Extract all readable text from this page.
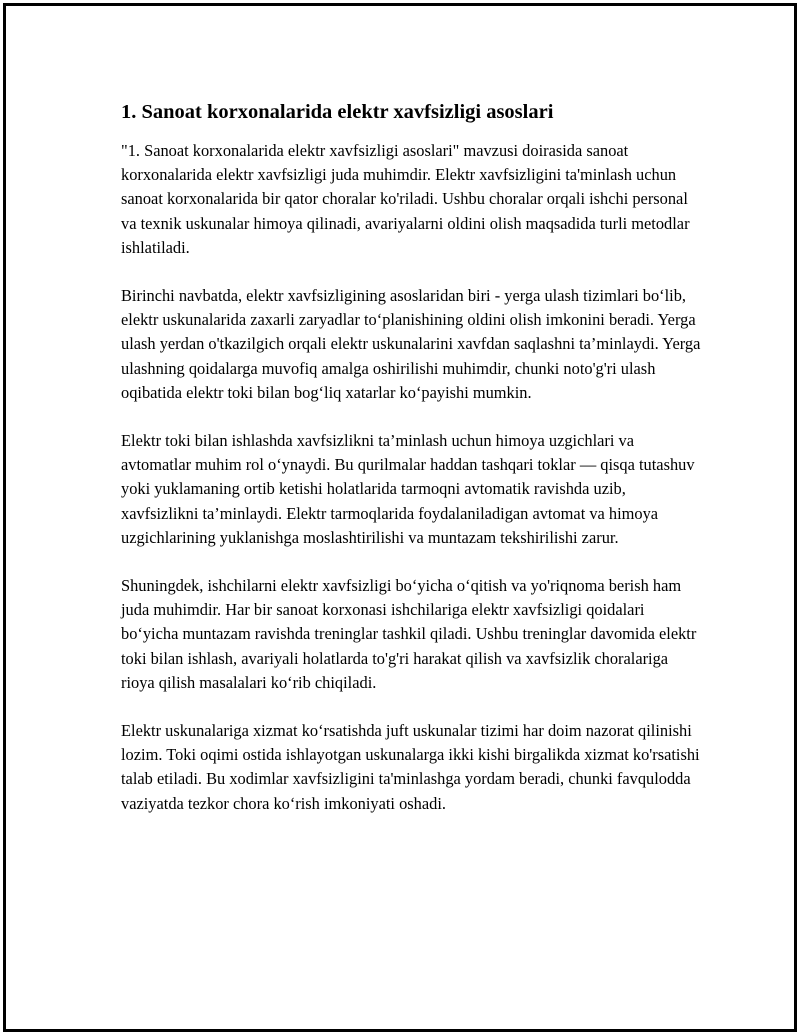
1. Sanoat korxonalarida elektr xavfsizligi asoslari

"1. Sanoat korxonalarida elektr xavfsizligi asoslari" mavzusi doirasida sanoat korxonalarida elektr xavfsizligi juda muhimdir. Elektr xavfsizligini ta'minlash uchun sanoat korxonalarida bir qator choralar ko'riladi. Ushbu choralar orqali ishchi personal va texnik uskunalar himoya qilinadi, avariyalarni oldini olish maqsadida turli metodlar ishlatiladi.

Birinchi navbatda, elektr xavfsizligining asoslaridan biri - yerga ulash tizimlari bo‘lib, elektr uskunalarida zaxarli zaryadlar to‘planishining oldini olish imkonini beradi. Yerga ulash yerdan o'tkazilgich orqali elektr uskunalarini xavfdan saqlashni ta’minlaydi. Yerga ulashning qoidalarga muvofiq amalga oshirilishi muhimdir, chunki noto'g'ri ulash oqibatida elektr toki bilan bog‘liq xatarlar ko‘payishi mumkin.

Elektr toki bilan ishlashda xavfsizlikni ta’minlash uchun himoya uzgichlari va avtomatlar muhim rol o‘ynaydi. Bu qurilmalar haddan tashqari toklar — qisqa tutashuv yoki yuklamaning ortib ketishi holatlarida tarmoqni avtomatik ravishda uzib, xavfsizlikni ta’minlaydi. Elektr tarmoqlarida foydalaniladigan avtomat va himoya uzgichlarining yuklanishga moslashtirilishi va muntazam tekshirilishi zarur.

Shuningdek, ishchilarni elektr xavfsizligi bo‘yicha o‘qitish va yo'riqnoma berish ham juda muhimdir. Har bir sanoat korxonasi ishchilariga elektr xavfsizligi qoidalari bo‘yicha muntazam ravishda treninglar tashkil qiladi. Ushbu treninglar davomida elektr toki bilan ishlash, avariyali holatlarda to'g'ri harakat qilish va xavfsizlik choralariga rioya qilish masalalari ko‘rib chiqiladi.

Elektr uskunalariga xizmat ko‘rsatishda juft uskunalar tizimi har doim nazorat qilinishi lozim. Toki oqimi ostida ishlayotgan uskunalarga ikki kishi birgalikda xizmat ko'rsatishi talab etiladi. Bu xodimlar xavfsizligini ta'minlashga yordam beradi, chunki favqulodda vaziyatda tezkor chora ko‘rish imkoniyati oshadi.
